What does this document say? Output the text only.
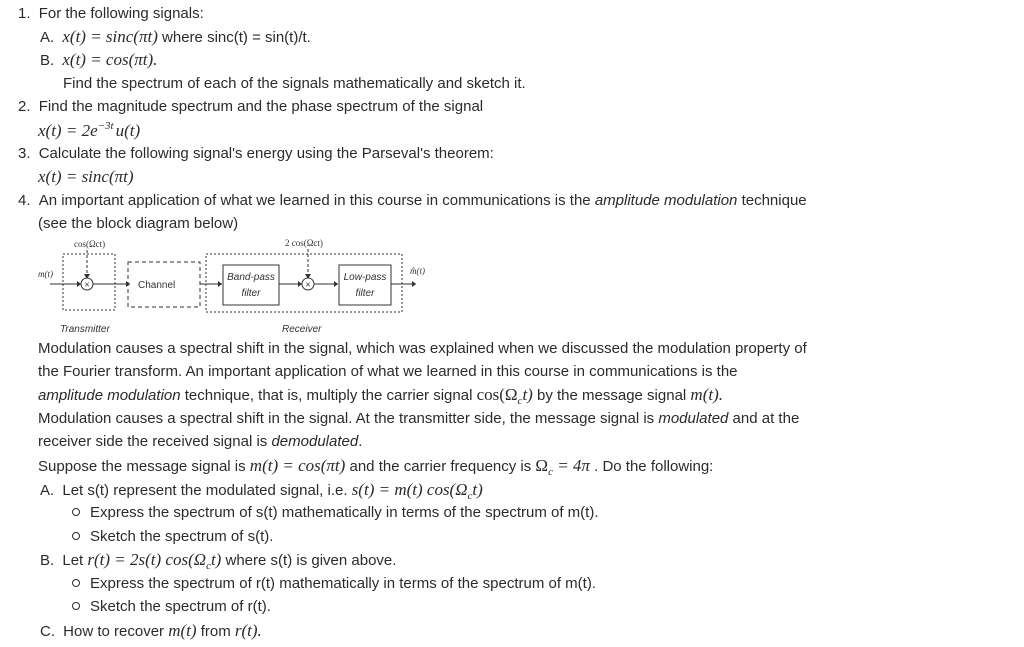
1. For the following signals:
A. x(t) = sinc(πt) where sinc(t) = sin(t)/t.
B. x(t) = cos(πt).
Find the spectrum of each of the signals mathematically and sketch it.
2. Find the magnitude spectrum and the phase spectrum of the signal
$x(t) = 2e^{-3t}$ u(t)
3. Calculate the following signal's energy using the Parseval's theorem:
x(t) = sinc(πt)
4. An important application of what we learned in this course in communications is the amplitude modulation technique
(see the block diagram below)
cos(Ωct)	2 cos(Ωct)
m(t)
×	Channel
Band-pass
filter
×
Low-pass
filter
m̂(t)
Transmitter	Receiver
Modulation causes a spectral shift in the signal, which was explained when we discussed the modulation property of
the Fourier transform. An important application of what we learned in this course in communications is the
amplitude modulation technique, that is, multiply the carrier signal $\cos(\Omega_ct)$ by the message signal m(t).
Modulation causes a spectral shift in the signal. At the transmitter side, the message signal is modulated and at the
receiver side the received signal is demodulated.
Suppose the message signal is m(t) = cos(πt) and the carrier frequency is $\Omega_c = 4\pi$ . Do the following:
A. Let s(t) represent the modulated signal, i.e. s(t) = m(t) $\cos(\Omega_ct)$
Express the spectrum of s(t) mathematically in terms of the spectrum of m(t).
Sketch the spectrum of s(t).
B. Let r(t) = 2s(t) $\cos(\Omega_ct)$ where s(t) is given above.
Express the spectrum of r(t) mathematically in terms of the spectrum of m(t).
Sketch the spectrum of r(t).
C. How to recover m(t) from r(t).
